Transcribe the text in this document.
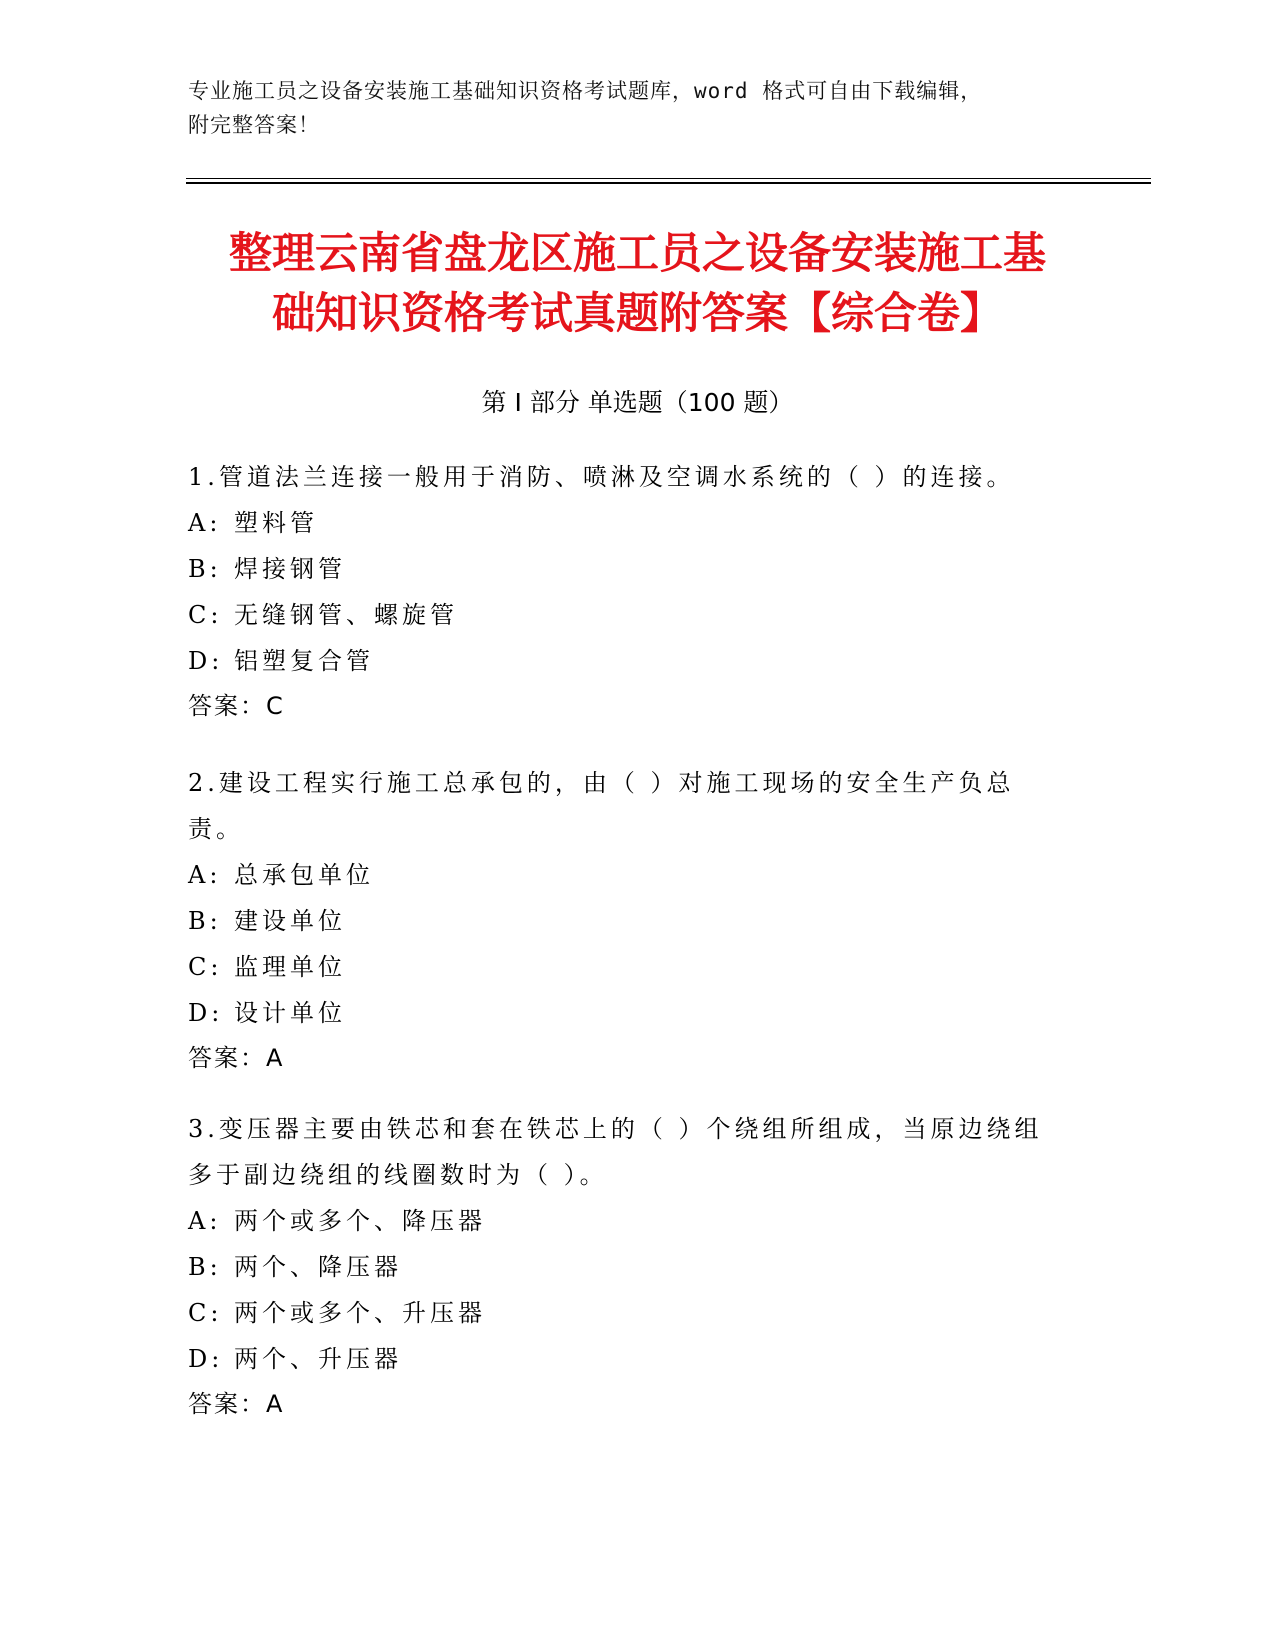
专业施工员之设备安装施工基础知识资格考试题库，word 格式可自由下载编辑，
附完整答案！
整理云南省盘龙区施工员之设备安装施工基
础知识资格考试真题附答案【综合卷】
第 I 部分 单选题（100 题）
1.管道法兰连接一般用于消防、喷淋及空调水系统的（ ）的连接。
A: 塑料管
B: 焊接钢管
C: 无缝钢管、螺旋管
D: 铝塑复合管
答案：C
2.建设工程实行施工总承包的，由（ ）对施工现场的安全生产负总责。
A: 总承包单位
B: 建设单位
C: 监理单位
D: 设计单位
答案：A
3.变压器主要由铁芯和套在铁芯上的（ ）个绕组所组成，当原边绕组多于副边绕组的线圈数时为（ ）。
A: 两个或多个、降压器
B: 两个、降压器
C: 两个或多个、升压器
D: 两个、升压器
答案：A
